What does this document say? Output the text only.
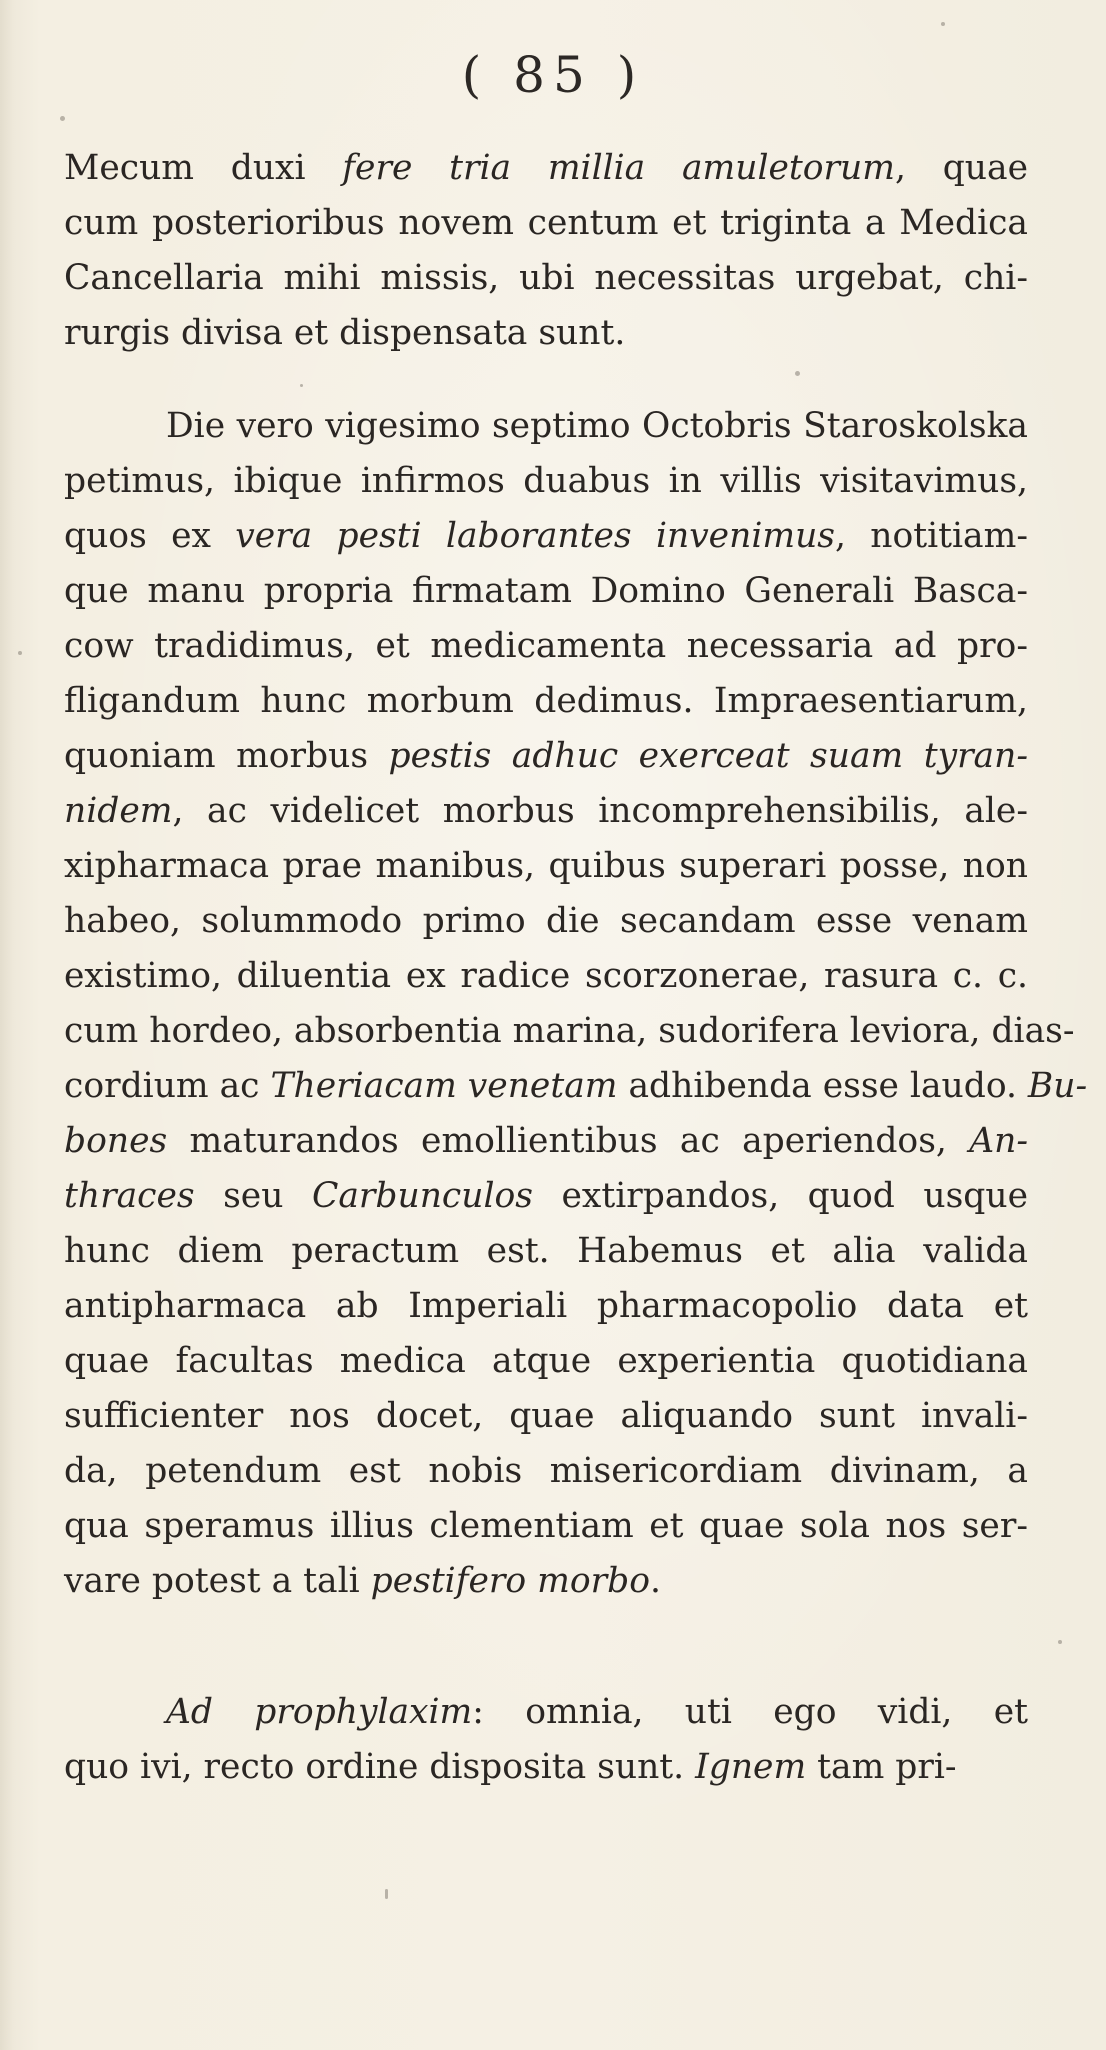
( 85 )
Mecum duxi fere tria millia amuletorum, quae
cum posterioribus novem centum et triginta a Medica
Cancellaria mihi missis, ubi necessitas urgebat, chi-
rurgis divisa et dispensata sunt.
Die vero vigesimo septimo Octobris Staroskolska
petimus, ibique infirmos duabus in villis visitavimus,
quos ex vera pesti laborantes invenimus, notitiam-
que manu propria firmatam Domino Generali Basca-
cow tradidimus, et medicamenta necessaria ad pro-
fligandum hunc morbum dedimus. Impraesentiarum,
quoniam morbus pestis adhuc exerceat suam tyran-
nidem, ac videlicet morbus incomprehensibilis, ale-
xipharmaca prae manibus, quibus superari posse, non
habeo, solummodo primo die secandam esse venam
existimo, diluentia ex radice scorzonerae, rasura c. c.
cum hordeo, absorbentia marina, sudorifera leviora, dias-
cordium ac Theriacam venetam adhibenda esse laudo. Bu-
bones maturandos emollientibus ac aperiendos, An-
thraces seu Carbunculos extirpandos, quod usque
hunc diem peractum est. Habemus et alia valida
antipharmaca ab Imperiali pharmacopolio data et
quae facultas medica atque experientia quotidiana
sufficienter nos docet, quae aliquando sunt invali-
da, petendum est nobis misericordiam divinam, a
qua speramus illius clementiam et quae sola nos ser-
vare potest a tali pestifero morbo.
Ad prophylaxim: omnia, uti ego vidi, et
quo ivi, recto ordine disposita sunt. Ignem tam pri-
